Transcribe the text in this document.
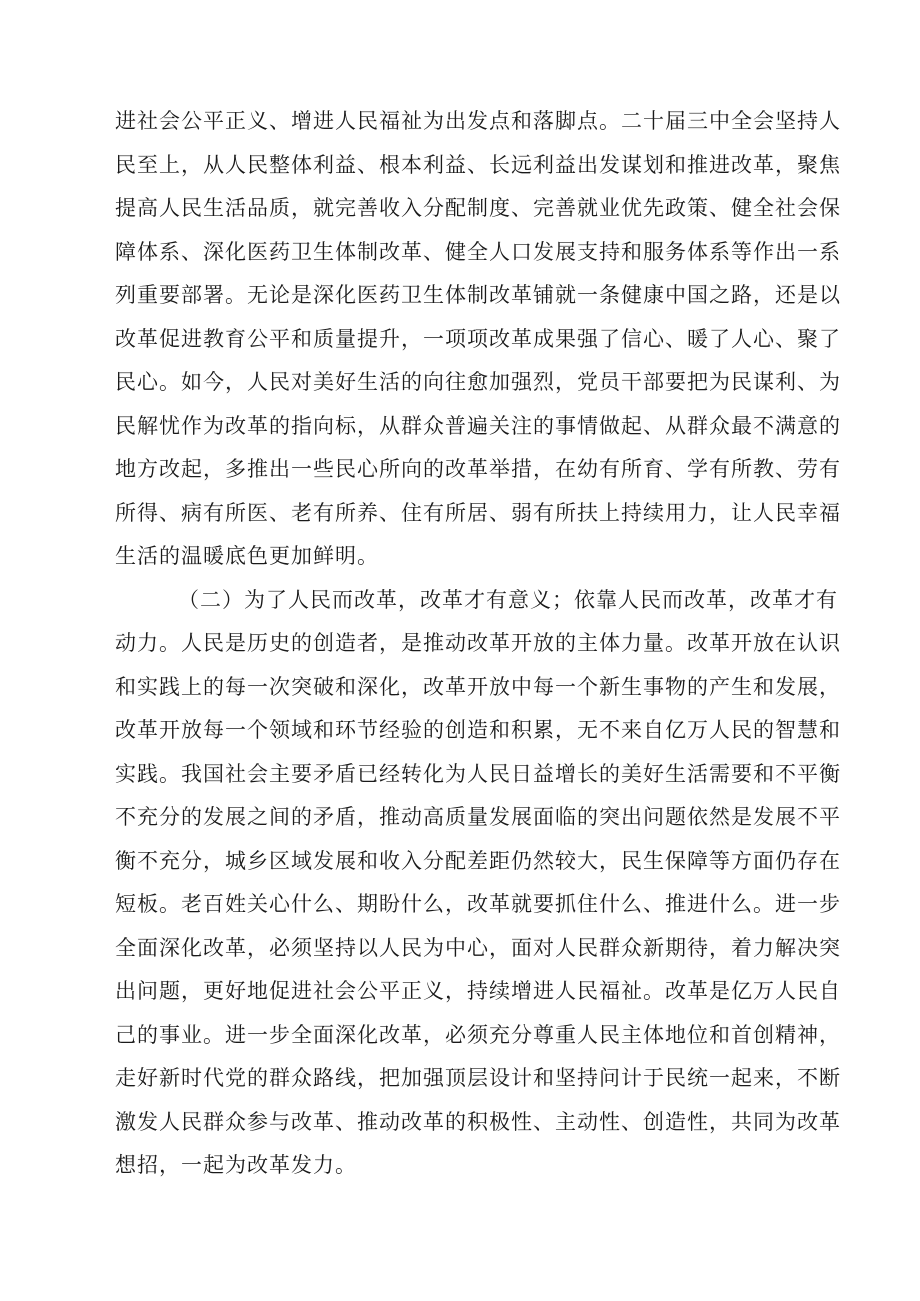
进社会公平正义、增进人民福祉为出发点和落脚点。二十届三中全会坚持人
民至上，从人民整体利益、根本利益、长远利益出发谋划和推进改革，聚焦
提高人民生活品质，就完善收入分配制度、完善就业优先政策、健全社会保
障体系、深化医药卫生体制改革、健全人口发展支持和服务体系等作出一系
列重要部署。无论是深化医药卫生体制改革铺就一条健康中国之路，还是以
改革促进教育公平和质量提升，一项项改革成果强了信心、暖了人心、聚了
民心。如今，人民对美好生活的向往愈加强烈，党员干部要把为民谋利、为
民解忧作为改革的指向标，从群众普遍关注的事情做起、从群众最不满意的
地方改起，多推出一些民心所向的改革举措，在幼有所育、学有所教、劳有
所得、病有所医、老有所养、住有所居、弱有所扶上持续用力，让人民幸福
生活的温暖底色更加鲜明。

（二）为了人民而改革，改革才有意义；依靠人民而改革，改革才有
动力。人民是历史的创造者，是推动改革开放的主体力量。改革开放在认识
和实践上的每一次突破和深化，改革开放中每一个新生事物的产生和发展，
改革开放每一个领域和环节经验的创造和积累，无不来自亿万人民的智慧和
实践。我国社会主要矛盾已经转化为人民日益增长的美好生活需要和不平衡
不充分的发展之间的矛盾，推动高质量发展面临的突出问题依然是发展不平
衡不充分，城乡区域发展和收入分配差距仍然较大，民生保障等方面仍存在
短板。老百姓关心什么、期盼什么，改革就要抓住什么、推进什么。进一步
全面深化改革，必须坚持以人民为中心，面对人民群众新期待，着力解决突
出问题，更好地促进社会公平正义，持续增进人民福祉。改革是亿万人民自
己的事业。进一步全面深化改革，必须充分尊重人民主体地位和首创精神，
走好新时代党的群众路线，把加强顶层设计和坚持问计于民统一起来，不断
激发人民群众参与改革、推动改革的积极性、主动性、创造性，共同为改革
想招，一起为改革发力。
